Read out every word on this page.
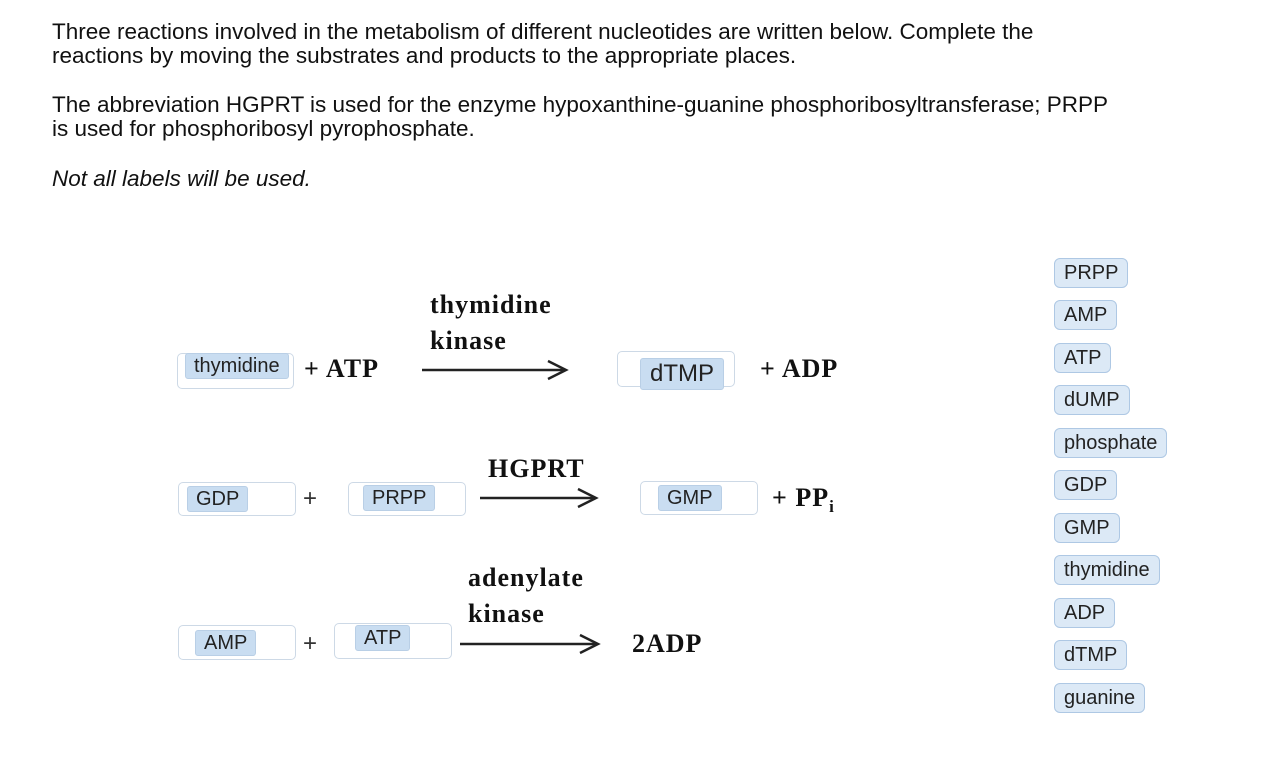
Three reactions involved in the metabolism of different nucleotides are written below. Complete the

reactions by moving the substrates and products to the appropriate places.

The abbreviation HGPRT is used for the enzyme hypoxanthine-guanine phosphoribosyltransferase; PRPP

is used for phosphoribosyl pyrophosphate.

Not all labels will be used.

thymidine + ATP
thymidine
kinase
dTMP	+ ADP
GDP	+	PRPP
HGPRT
GMP	+ $PP_i$
AMP	+	ATP
adenylate
kinase
2ADP
PRPP
AMP
ATP
dUMP
phosphate
GDP
GMP
thymidine
ADP
dTMP
guanine
